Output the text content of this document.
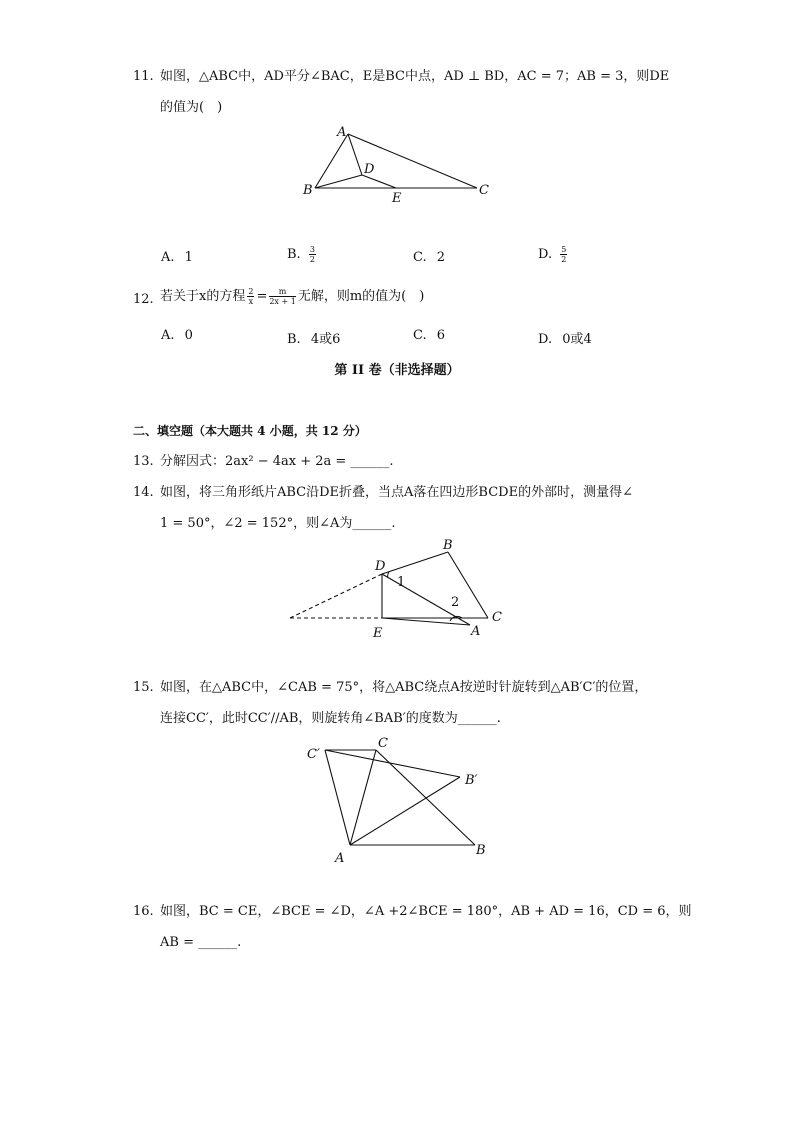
11. 如图，△ABC中，AD平分∠BAC，E是BC中点，AD ⊥ BD，AC = 7；AB = 3，则DE
的值为(　)
A
B	C
D
E
A. 1	B. $\frac{3}{2}$	C. 2	D. $\frac{5}{2}$
12. 若关于x的方程 $\frac{2}{x} = \frac{m}{2x + 1}$ 无解，则m的值为(　)
A. 0	B. 4或6	C. 6	D. 0或4
第 II 卷（非选择题）
二、填空题（本大题共 4 小题，共 12 分）
13. 分解因式：2ax² − 4ax + 2a = ______.
14. 如图，将三角形纸片ABC沿DE折叠，当点A落在四边形BCDE的外部时，测量得∠
1 = 50°，∠2 = 152°，则∠A为______.
B
D
1
2
C
E	A
15. 如图，在△ABC中，∠CAB = 75°，将△ABC绕点A按逆时针旋转到△AB′C′的位置，
连接CC′，此时CC′//AB，则旋转角∠BAB′的度数为______.
C′
C
B′
A
B
16. 如图，BC = CE，∠BCE = ∠D，∠A +2∠BCE = 180°，AB + AD = 16，CD = 6，则
AB = ______.
